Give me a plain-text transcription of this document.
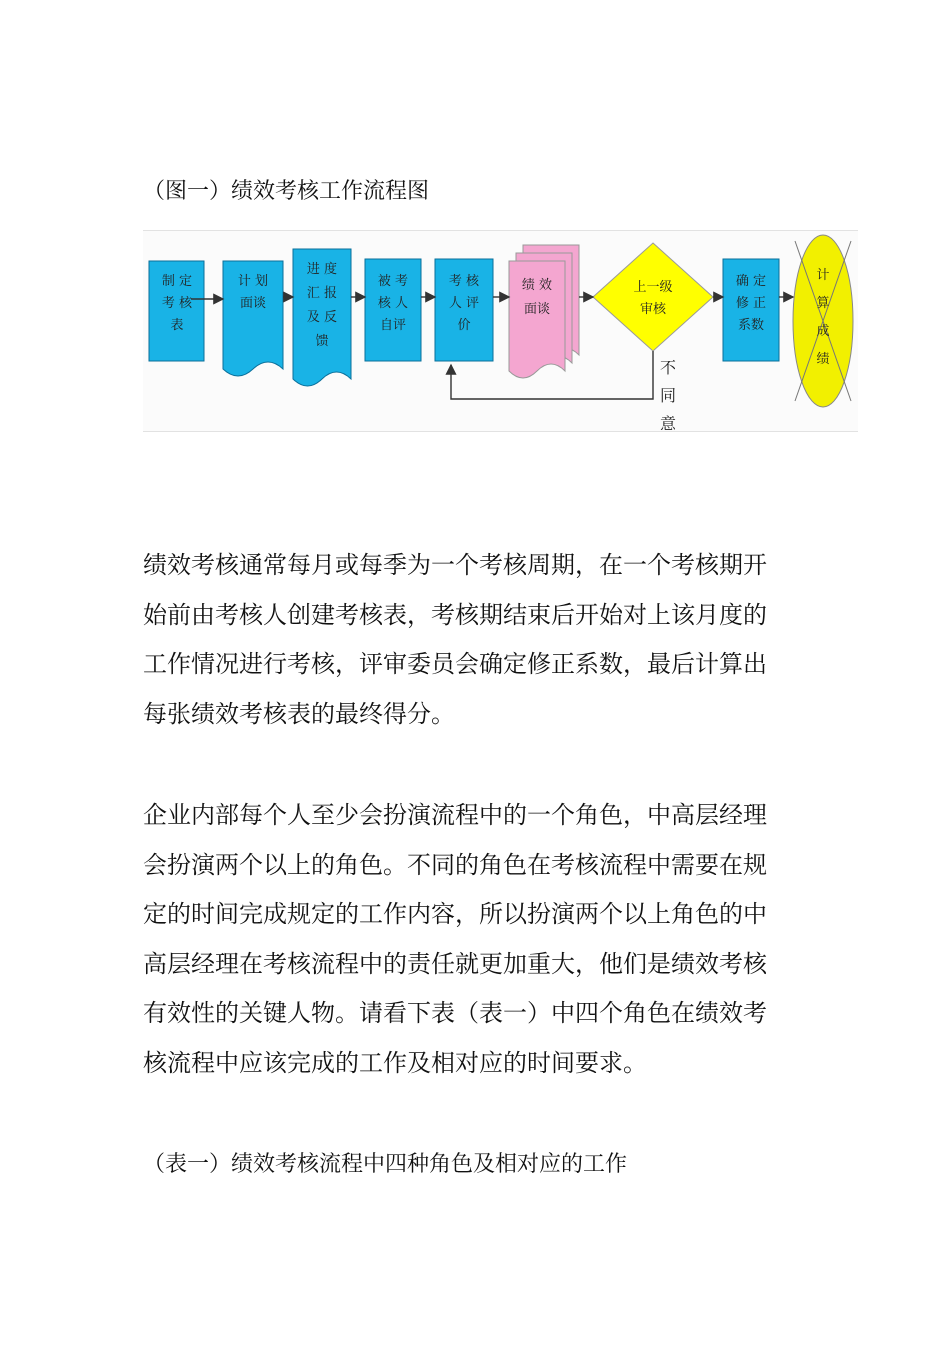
（图一）绩效考核工作流程图
制 定
考 核
表
计 划
面谈
进 度
汇 报
及 反
馈
被 考
核 人
自评
考 核
人 评
价
绩 效
面谈
上一级
审核
确 定
修 正
系数
计
算
成
绩
不
同
意

绩效考核通常每月或每季为一个考核周期，在一个考核期开
始前由考核人创建考核表，考核期结束后开始对上该月度的
工作情况进行考核，评审委员会确定修正系数，最后计算出
每张绩效考核表的最终得分。

企业内部每个人至少会扮演流程中的一个角色，中高层经理
会扮演两个以上的角色。不同的角色在考核流程中需要在规
定的时间完成规定的工作内容，所以扮演两个以上角色的中
高层经理在考核流程中的责任就更加重大，他们是绩效考核
有效性的关键人物。请看下表（表一）中四个角色在绩效考
核流程中应该完成的工作及相对应的时间要求。

（表一）绩效考核流程中四种角色及相对应的工作
